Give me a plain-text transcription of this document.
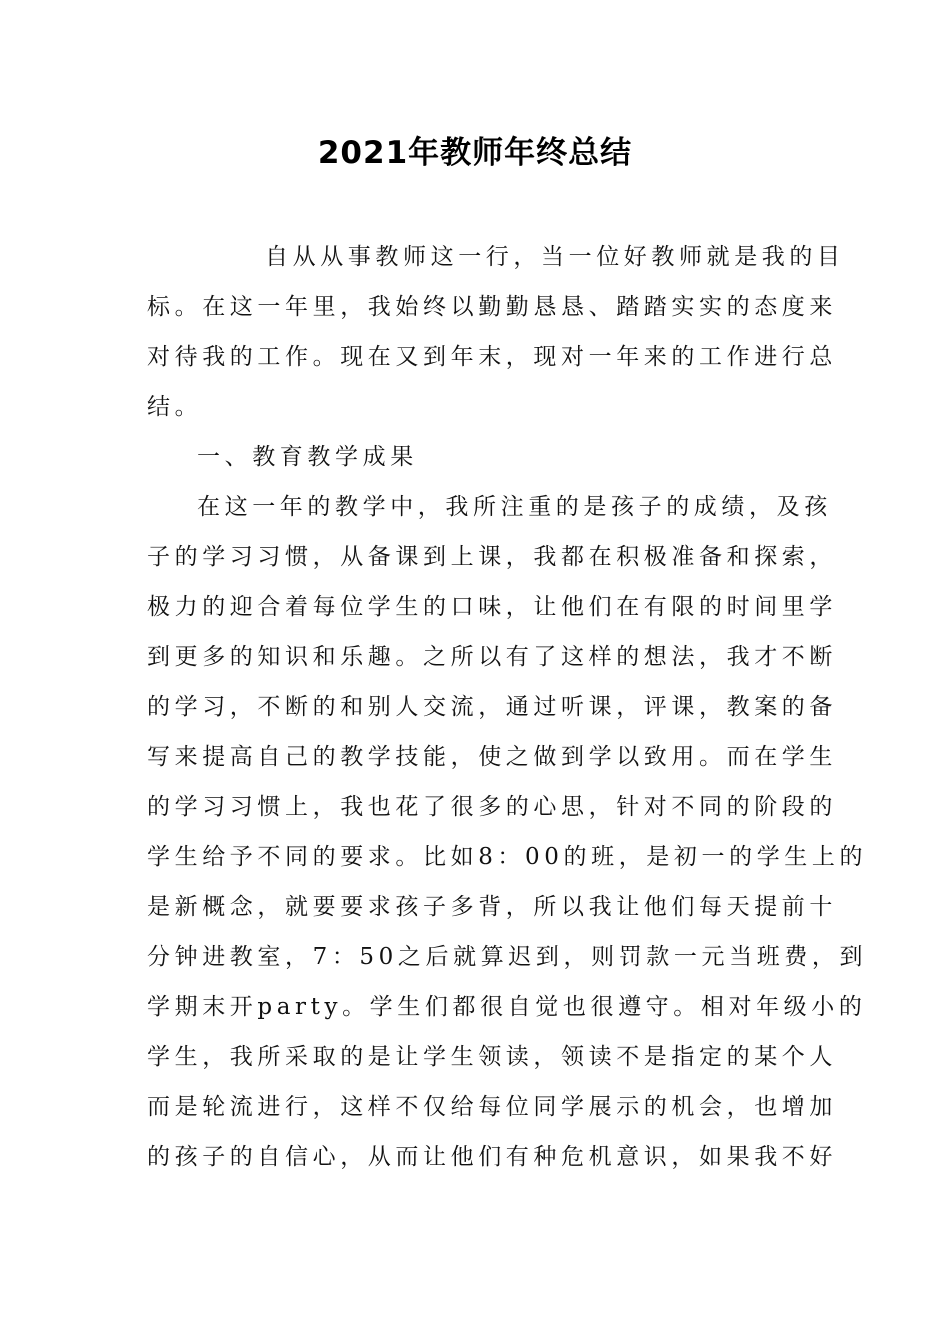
2021年教师年终总结
自从从事教师这一行，当一位好教师就是我的目
标。在这一年里，我始终以勤勤恳恳、踏踏实实的态度来
对待我的工作。现在又到年末，现对一年来的工作进行总
结。
一、教育教学成果
在这一年的教学中，我所注重的是孩子的成绩，及孩
子的学习习惯，从备课到上课，我都在积极准备和探索，
极力的迎合着每位学生的口味，让他们在有限的时间里学
到更多的知识和乐趣。之所以有了这样的想法，我才不断
的学习，不断的和别人交流，通过听课，评课，教案的备
写来提高自己的教学技能，使之做到学以致用。而在学生
的学习习惯上，我也花了很多的心思，针对不同的阶段的
学生给予不同的要求。比如8：00的班，是初一的学生上的
是新概念，就要要求孩子多背，所以我让他们每天提前十
分钟进教室，7：50之后就算迟到，则罚款一元当班费，到
学期末开party。学生们都很自觉也很遵守。相对年级小的
学生，我所采取的是让学生领读，领读不是指定的某个人
而是轮流进行，这样不仅给每位同学展示的机会，也增加
的孩子的自信心，从而让他们有种危机意识，如果我不好
